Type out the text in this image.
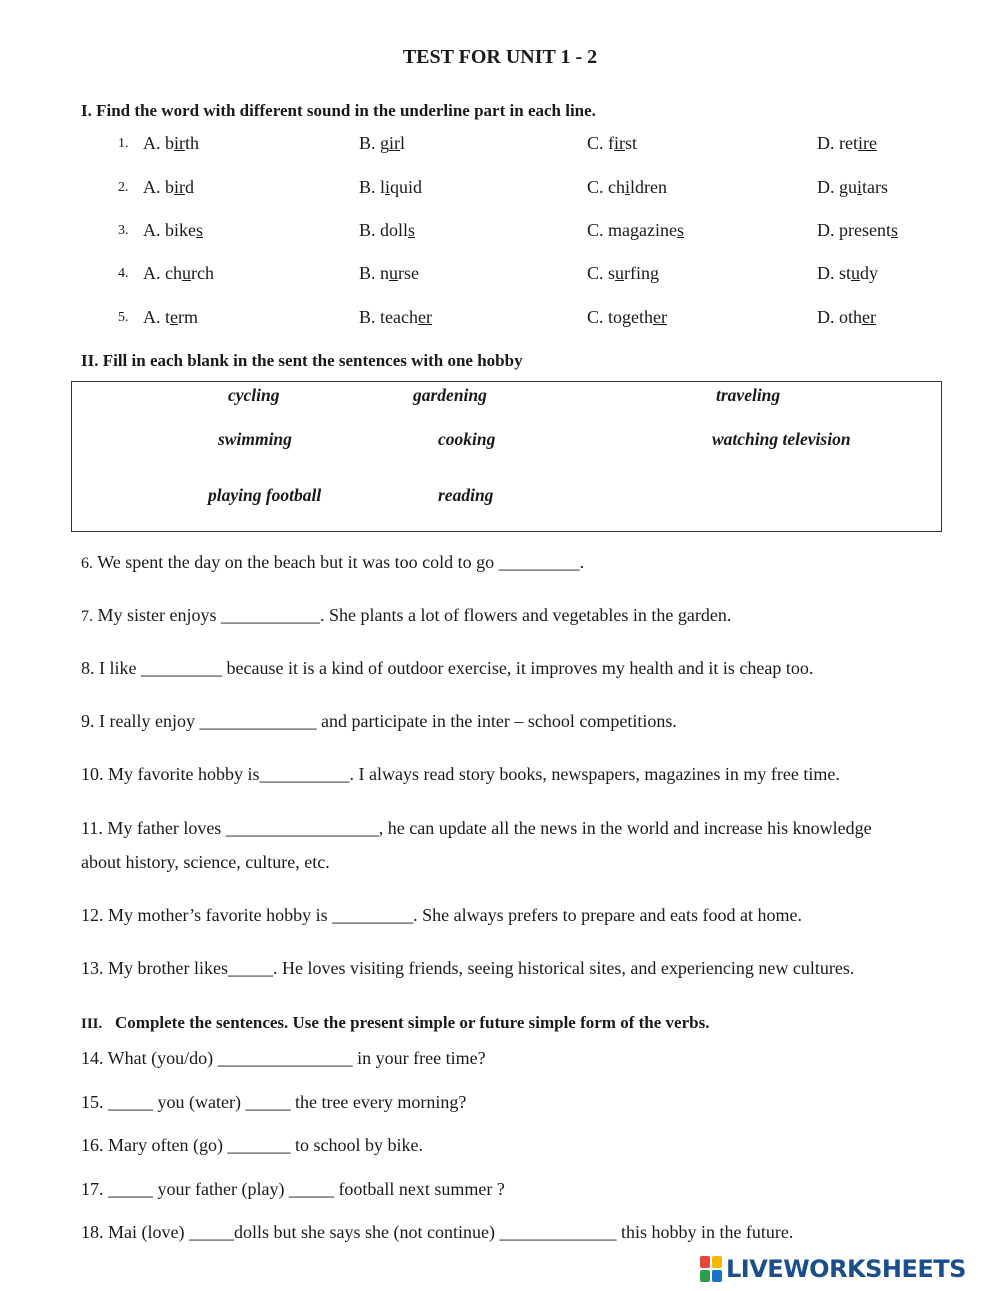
TEST FOR UNIT 1 - 2
I. Find the word with different sound in the underline part in each line.
1. A. birth	B. girl	C. first	D. retire
2. A. bird	B. liquid	C. children	D. guitars
3. A. bikes	B. dolls	C. magazines	D. presents
4. A. church	B. nurse	C. surfing	D. study
5. A. term	B. teacher	C. together	D. other
II. Fill in each blank in the sent the sentences with one hobby
cycling	gardening	traveling
swimming	cooking	watching television
playing football	reading
6. We spent the day on the beach but it was too cold to go _________.
7. My sister enjoys ___________. She plants a lot of flowers and vegetables in the garden.
8. I like _________ because it is a kind of outdoor exercise, it improves my health and it is cheap too.
9. I really enjoy _____________ and participate in the inter – school competitions.
10. My favorite hobby is__________. I always read story books, newspapers, magazines in my free time.
11. My father loves _________________, he can update all the news in the world and increase his knowledge
about history, science, culture, etc.
12. My mother’s favorite hobby is _________. She always prefers to prepare and eats food at home.
13. My brother likes_____. He loves visiting friends, seeing historical sites, and experiencing new cultures.
III. Complete the sentences. Use the present simple or future simple form of the verbs.
14. What (you/do) _______________ in your free time?
15. _____ you (water) _____ the tree every morning?
16. Mary often (go) _______ to school by bike.
17. _____ your father (play) _____ football next summer ?
18. Mai (love) _____dolls but she says she (not continue) _____________ this hobby in the future.
LIVEWORKSHEETS
